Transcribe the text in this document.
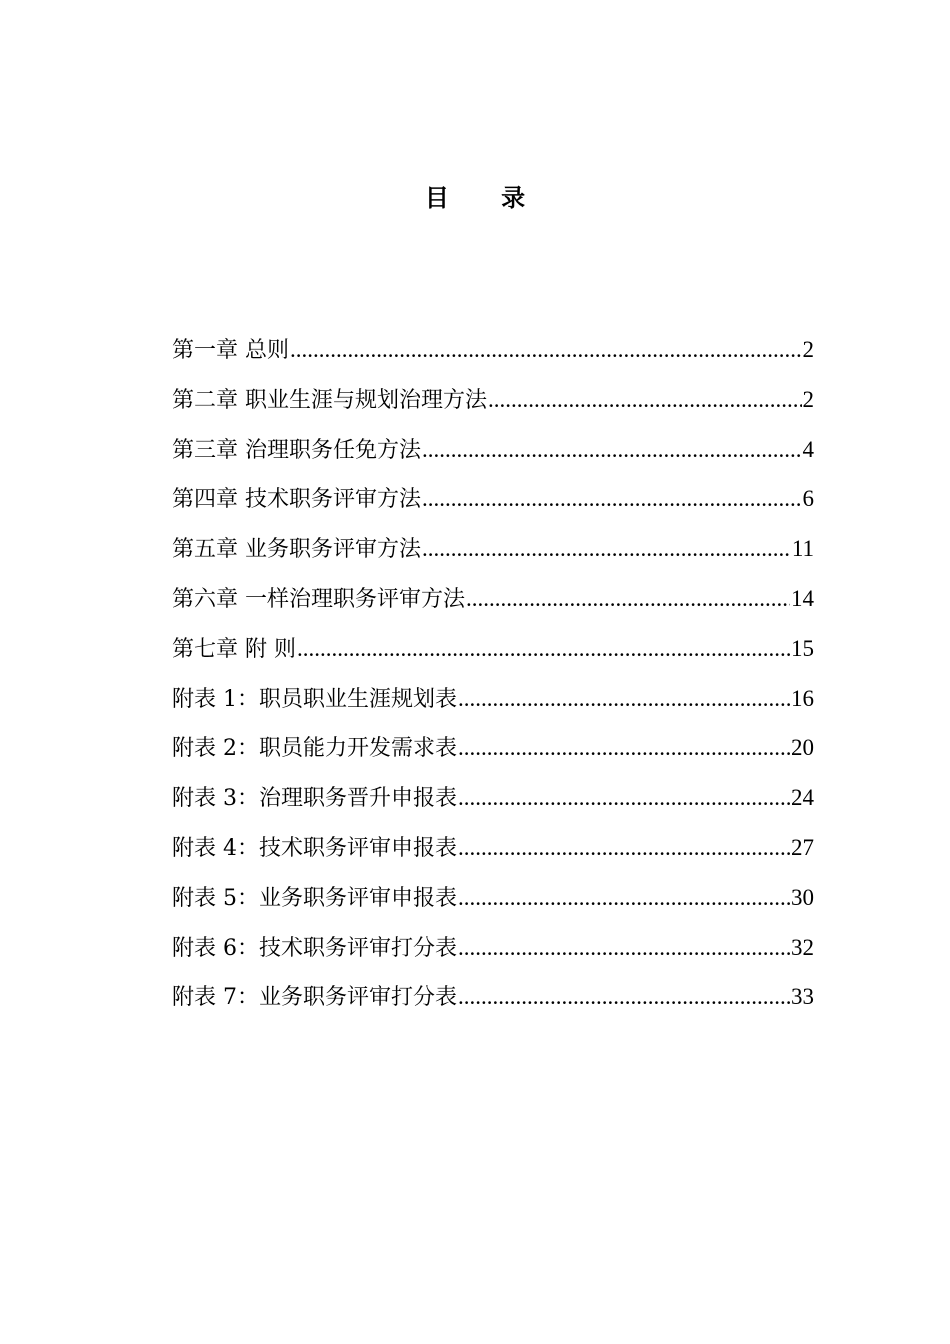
目 录
第一章 总则 .....	2
第二章 职业生涯与规划治理方法 .....	2
第三章 治理职务任免方法 .....	4
第四章 技术职务评审方法 .....	6
第五章 业务职务评审方法 .....	11
第六章 一样治理职务评审方法 .....	14
第七章 附 则 .....	15
附表 1：职员职业生涯规划表 .....	16
附表 2：职员能力开发需求表 .....	20
附表 3：治理职务晋升申报表 .....	24
附表 4：技术职务评审申报表 .....	27
附表 5：业务职务评审申报表 .....	30
附表 6：技术职务评审打分表 .....	32
附表 7：业务职务评审打分表 .....	33
